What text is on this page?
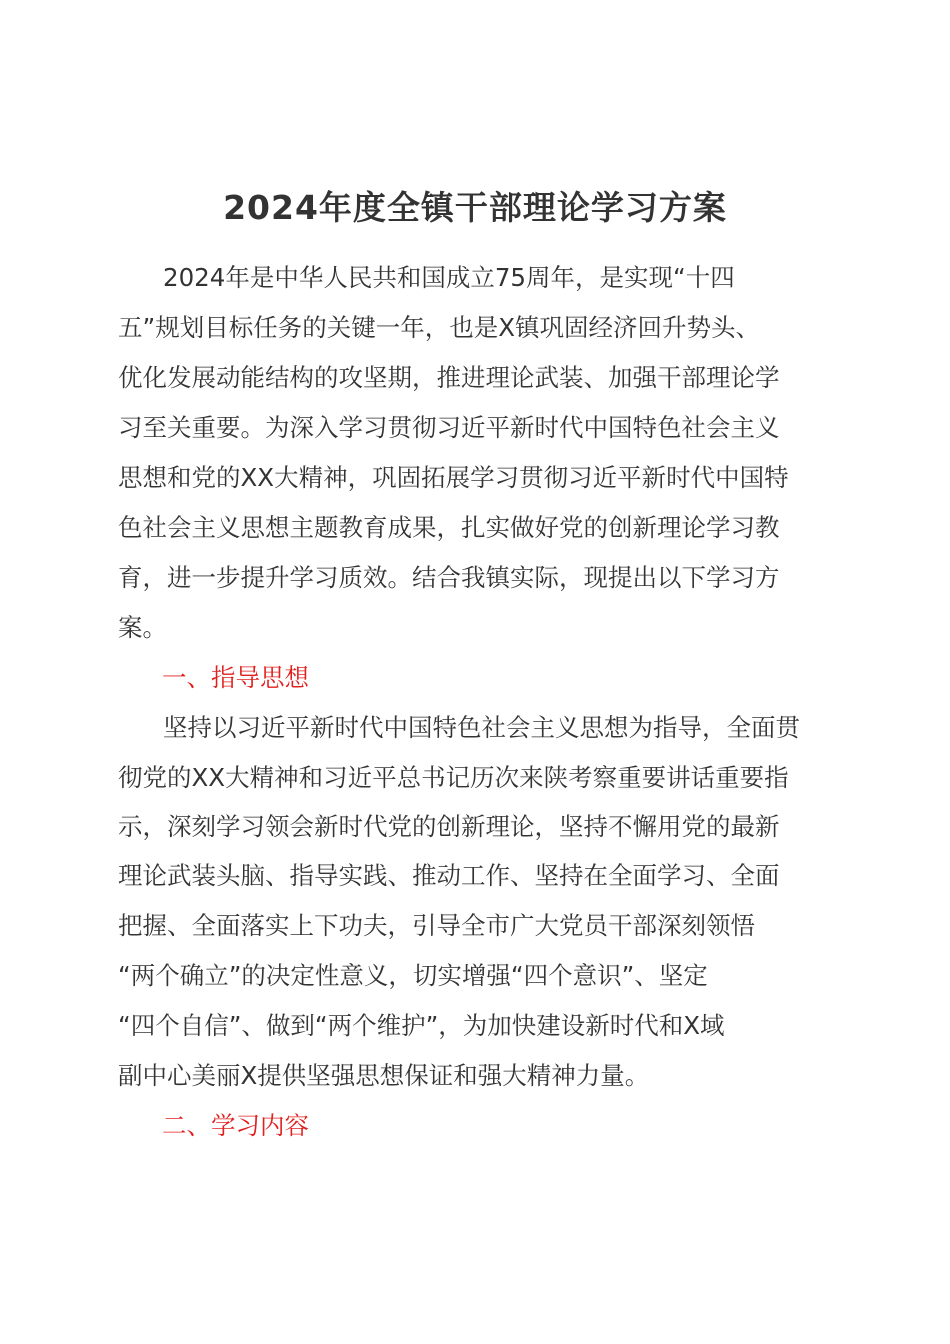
2024年度全镇干部理论学习方案
2024年是中华人民共和国成立75周年，是实现“十四
五”规划目标任务的关键一年，也是X镇巩固经济回升势头、
优化发展动能结构的攻坚期，推进理论武装、加强干部理论学
习至关重要。为深入学习贯彻习近平新时代中国特色社会主义
思想和党的XX大精神，巩固拓展学习贯彻习近平新时代中国特
色社会主义思想主题教育成果，扎实做好党的创新理论学习教
育，进一步提升学习质效。结合我镇实际，现提出以下学习方
案。
一、指导思想
坚持以习近平新时代中国特色社会主义思想为指导，全面贯
彻党的XX大精神和习近平总书记历次来陕考察重要讲话重要指
示，深刻学习领会新时代党的创新理论，坚持不懈用党的最新
理论武装头脑、指导实践、推动工作、坚持在全面学习、全面
把握、全面落实上下功夫，引导全市广大党员干部深刻领悟
“两个确立”的决定性意义，切实增强“四个意识”、坚定
“四个自信”、做到“两个维护”，为加快建设新时代和X域
副中心美丽X提供坚强思想保证和强大精神力量。
二、学习内容
